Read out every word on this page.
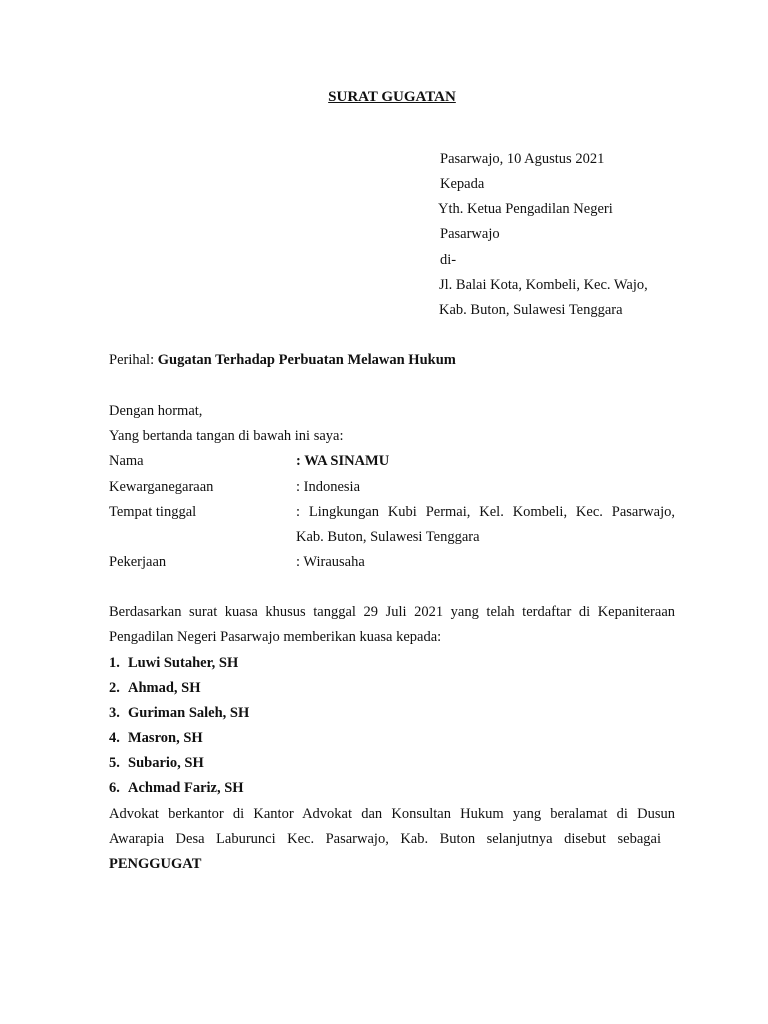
SURAT GUGATAN
Pasarwajo, 10 Agustus 2021
Kepada
Yth. Ketua Pengadilan Negeri
Pasarwajo
di-
Jl. Balai Kota, Kombeli, Kec. Wajo,
Kab. Buton, Sulawesi Tenggara
Perihal: Gugatan Terhadap Perbuatan Melawan Hukum
Dengan hormat,
Yang bertanda tangan di bawah ini saya:
Nama	: WA SINAMU
Kewarganegaraan	: Indonesia
Tempat tinggal	: Lingkungan Kubi Permai, Kel. Kombeli, Kec. Pasarwajo,
Kab. Buton, Sulawesi Tenggara
Pekerjaan	: Wirausaha
Berdasarkan surat kuasa khusus tanggal 29 Juli 2021 yang telah terdaftar di Kepaniteraan
Pengadilan Negeri Pasarwajo memberikan kuasa kepada:
1. Luwi Sutaher, SH
2. Ahmad, SH
3. Guriman Saleh, SH
4. Masron, SH
5. Subario, SH
6. Achmad Fariz, SH
Advokat berkantor di Kantor Advokat dan Konsultan Hukum yang beralamat di Dusun
Awarapia Desa Laburunci Kec. Pasarwajo, Kab. Buton selanjutnya disebut sebagai
PENGGUGAT
